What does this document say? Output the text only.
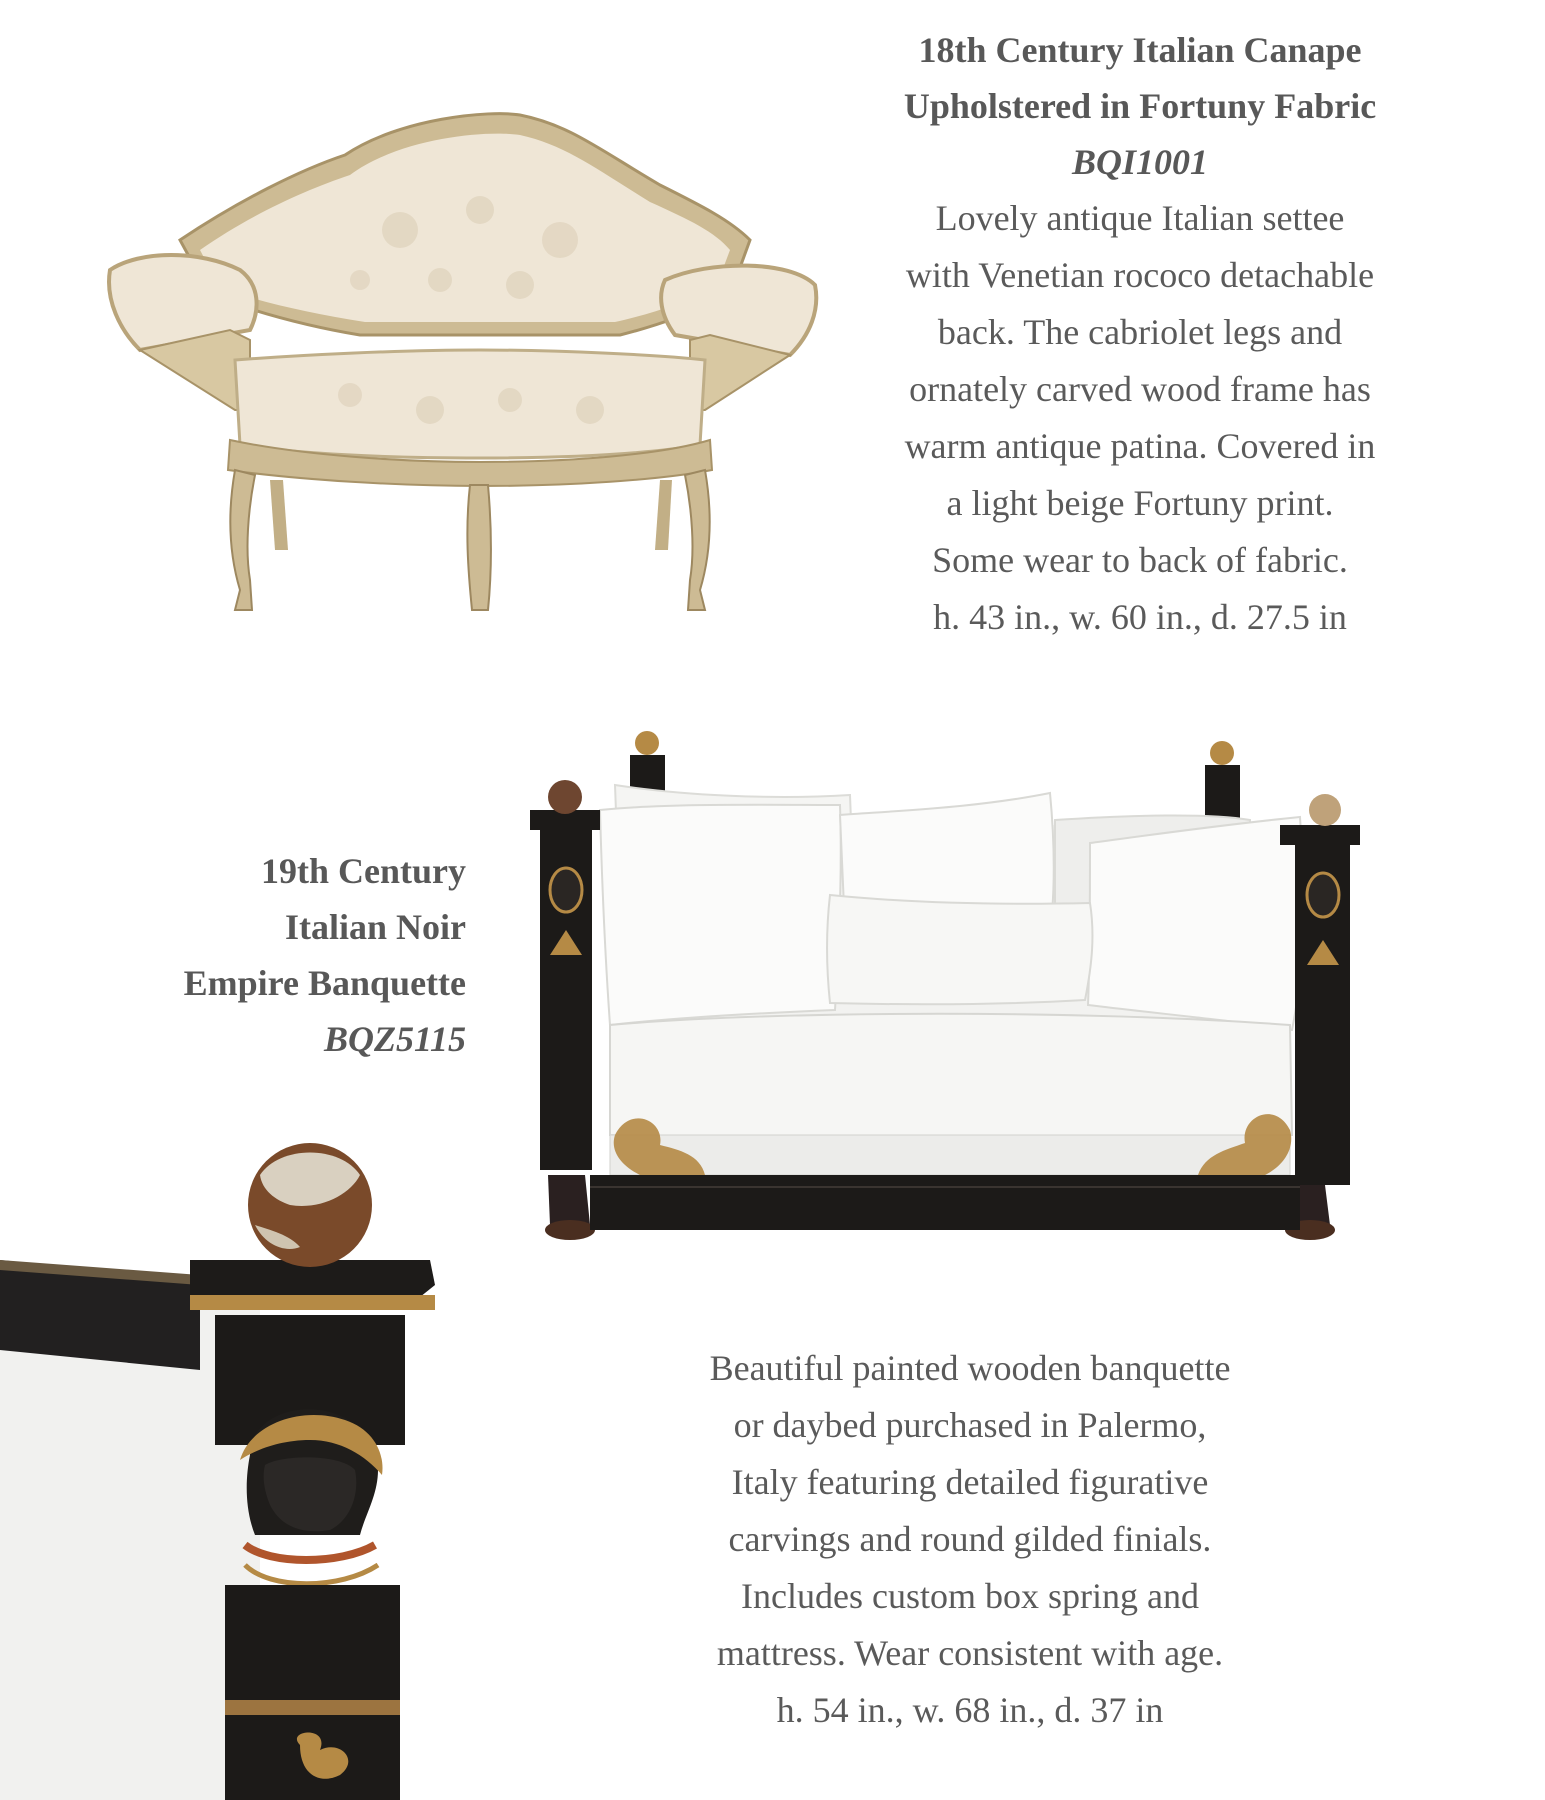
18th Century Italian Canape
Upholstered in Fortuny Fabric
BQI1001
Lovely antique Italian settee
with Venetian rococo detachable
back. The cabriolet legs and
ornately carved wood frame has
warm antique patina. Covered in
a light beige Fortuny print.
Some wear to back of fabric.
h. 43 in., w. 60 in., d. 27.5 in
19th Century
Italian Noir
Empire Banquette
BQZ5115
Beautiful painted wooden banquette
or daybed purchased in Palermo,
Italy featuring detailed figurative
carvings and round gilded finials.
Includes custom box spring and
mattress. Wear consistent with age.
h. 54 in., w. 68 in., d. 37 in
